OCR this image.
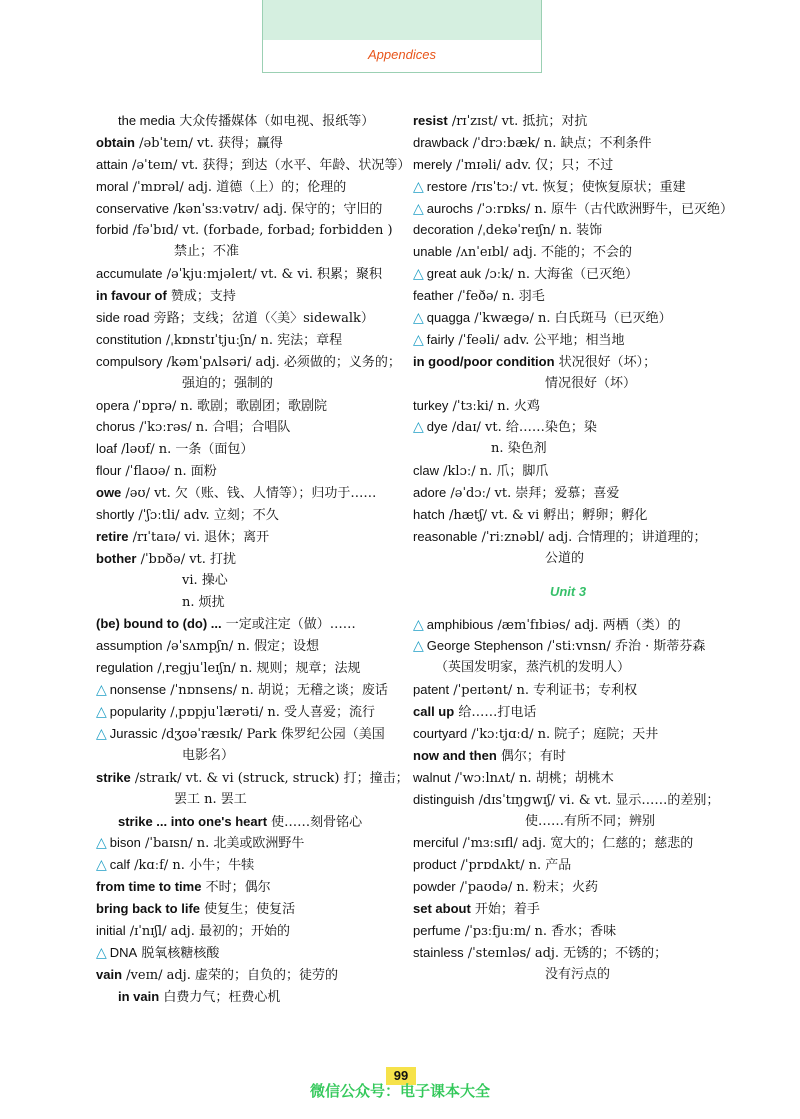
Appendices
the media 大众传播媒体（如电视、报纸等）
obtain /əbˈteɪn/ vt. 获得；赢得
attain /əˈteɪn/ vt. 获得；到达（水平、年龄、状况等）
moral /ˈmɒrəl/ adj. 道德（上）的；伦理的
conservative /kənˈsɜːvətɪv/ adj. 保守的；守旧的
forbid /fəˈbɪd/ vt. (forbade, forbad; forbidden )
禁止；不准
accumulate /əˈkjuːmjəleɪt/ vt. & vi. 积累；聚积
in favour of 赞成；支持
side road 旁路；支线；岔道（〈美〉sidewalk）
constitution /ˌkɒnstɪˈtjuːʃn/ n. 宪法；章程
compulsory /kəmˈpʌlsəri/ adj. 必须做的；义务的；
强迫的；强制的
opera /ˈɒprə/ n. 歌剧；歌剧团；歌剧院
chorus /ˈkɔːrəs/ n. 合唱；合唱队
loaf /ləʊf/ n. 一条（面包）
flour /ˈflaʊə/ n. 面粉
owe /əʊ/ vt. 欠（账、钱、人情等）；归功于……
shortly /ˈʃɔːtli/ adv. 立刻；不久
retire /rɪˈtaɪə/ vi. 退休；离开
bother /ˈbɒðə/ vt. 打扰
vi. 操心
n. 烦扰
(be) bound to (do) ... 一定或注定（做）……
assumption /əˈsʌmpʃn/ n. 假定；设想
regulation /ˌregjuˈleɪʃn/ n. 规则；规章；法规
△ nonsense /ˈnɒnsens/ n. 胡说；无稽之谈；废话
△ popularity /ˌpɒpjuˈlærəti/ n. 受人喜爱；流行
△ Jurassic /dʒʊəˈræsɪk/ Park 侏罗纪公园（美国
电影名）
strike /straɪk/ vt. & vi (struck, struck) 打；撞击；
罢工 n. 罢工
strike ... into one's heart 使……刻骨铭心
△ bison /ˈbaɪsn/ n. 北美或欧洲野牛
△ calf /kɑːf/ n. 小牛；牛犊
from time to time 不时；偶尔
bring back to life 使复生；使复活
initial /ɪˈnɪʃl/ adj. 最初的；开始的
△ DNA 脱氧核糖核酸
vain /veɪn/ adj. 虚荣的；自负的；徒劳的
in vain 白费力气；枉费心机
resist /rɪˈzɪst/ vt. 抵抗；对抗
drawback /ˈdrɔːbæk/ n. 缺点；不利条件
merely /ˈmɪəli/ adv. 仅；只；不过
△ restore /rɪsˈtɔː/ vt. 恢复；使恢复原状；重建
△ aurochs /ˈɔːrɒks/ n. 原牛（古代欧洲野牛，已灭绝）
decoration /ˌdekəˈreɪʃn/ n. 装饰
unable /ʌnˈeɪbl/ adj. 不能的；不会的
△ great auk /ɔːk/ n. 大海雀（已灭绝）
feather /ˈfeðə/ n. 羽毛
△ quagga /ˈkwægə/ n. 白氏斑马（已灭绝）
△ fairly /ˈfeəli/ adv. 公平地；相当地
in good/poor condition 状况很好（坏）；
情况很好（坏）
turkey /ˈtɜːki/ n. 火鸡
△ dye /daɪ/ vt. 给……染色；染
n. 染色剂
claw /klɔː/ n. 爪；脚爪
adore /əˈdɔː/ vt. 崇拜；爱慕；喜爱
hatch /hætʃ/ vt. & vi 孵出；孵卵；孵化
reasonable /ˈriːznəbl/ adj. 合情理的；讲道理的；
公道的
Unit 3
△ amphibious /æmˈfɪbiəs/ adj. 两栖（类）的
△ George Stephenson /ˈstiːvnsn/ 乔治 · 斯蒂芬森
（英国发明家，蒸汽机的发明人）
patent /ˈpeɪtənt/ n. 专利证书；专利权
call up 给……打电话
courtyard /ˈkɔːtjɑːd/ n. 院子；庭院；天井
now and then 偶尔；有时
walnut /ˈwɔːlnʌt/ n. 胡桃；胡桃木
distinguish /dɪsˈtɪŋgwɪʃ/ vi. & vt. 显示……的差别；
使……有所不同；辨别
merciful /ˈmɜːsɪfl/ adj. 宽大的；仁慈的；慈悲的
product /ˈprɒdʌkt/ n. 产品
powder /ˈpaʊdə/ n. 粉末；火药
set about 开始；着手
perfume /ˈpɜːfjuːm/ n. 香水；香味
stainless /ˈsteɪnləs/ adj. 无锈的；不锈的；
没有污点的
99
微信公众号：电子课本大全
